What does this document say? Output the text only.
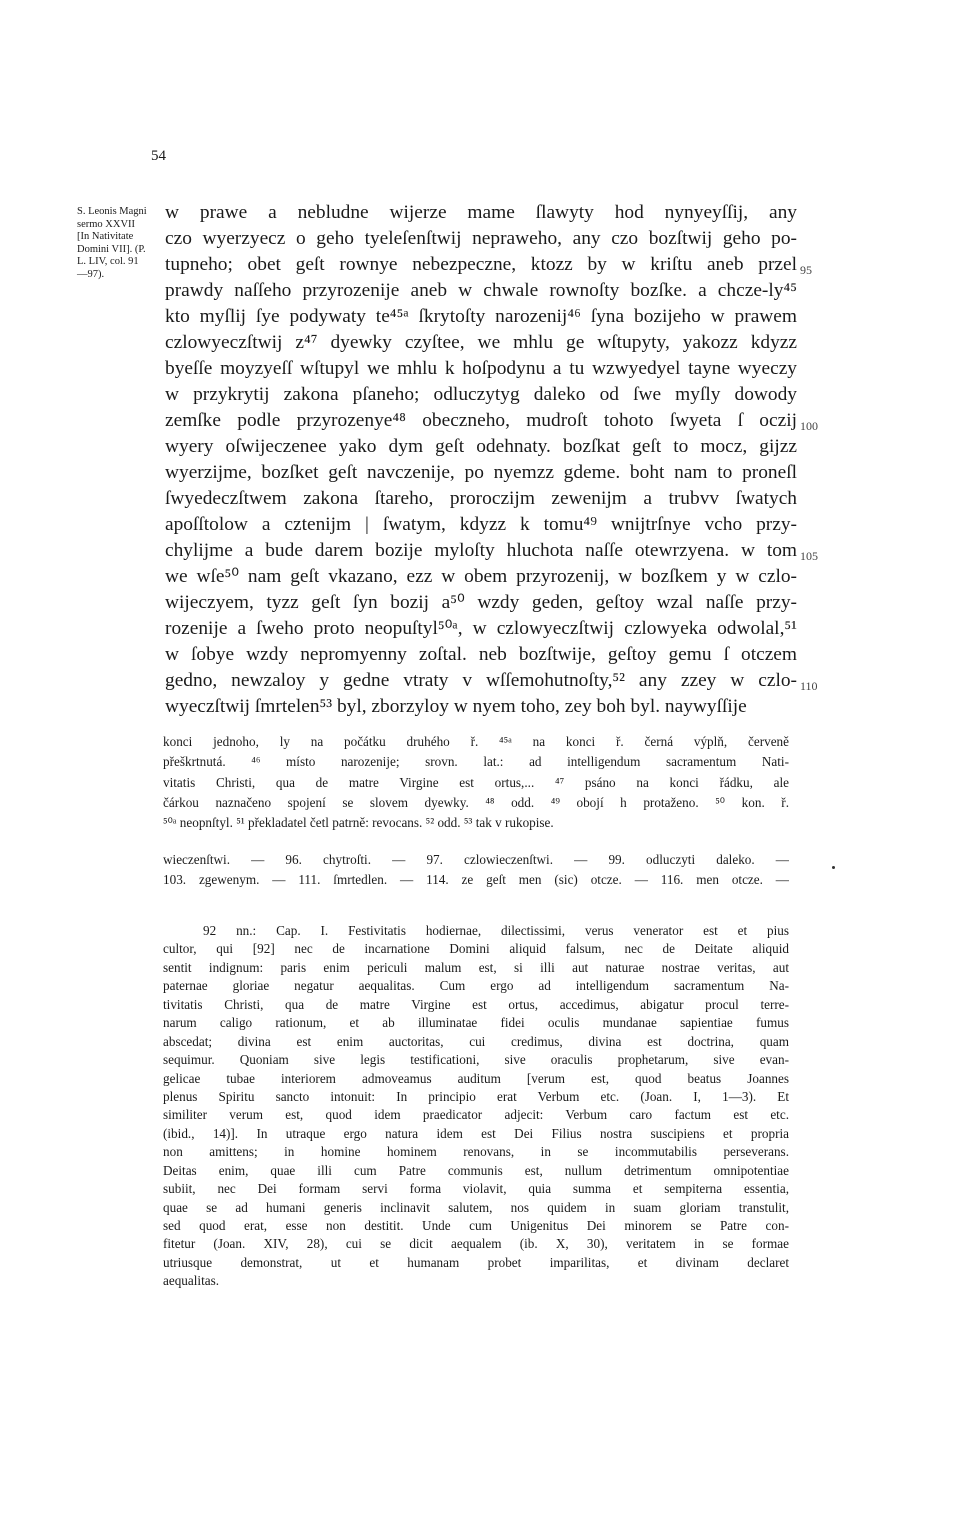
54
S. Leonis Magni
sermo XXVII
[In Nativitate
Domini VII]. (P.
L. LIV, col. 91
—97).
w prawe a nebludne wijerze mame ſlawyty hod nynyeyſſij, any
czo wyerzyecz o geho tyeleſenſtwij nepraweho, any czo bozſtwij geho po-
tupneho; obet geſt rownye nebezpeczne, ktozz by w kriſtu aneb przel
prawdy naſſeho przyrozenije aneb w chwale rownoſty bozſke. a chcze-ly⁴⁵
kto myſlij ſye podywaty te⁴⁵ᵃ ſkrytoſty narozenij⁴⁶ ſyna bozijeho w prawem
czlowyeczſtwij z⁴⁷ dyewky czyſtee, we mhlu ge wſtupyty, yakozz kdyzz
byeſſe moyzyeſſ wſtupyl we mhlu k hoſpodynu a tu wzwyedyel tayne wyeczy
w przykrytij zakona pſaneho; odluczytyg daleko od ſwe myſly dowody
zemſke podle przyrozenye⁴⁸ obeczneho, mudroſt tohoto ſwyeta ſ oczij
wyery oſwijeczenee yako dym geſt odehnaty. bozſkat geſt to mocz, gijzz
wyerzijme, bozſket geſt navczenije, po nyemzz gdeme. boht nam to proneſl
ſwyedeczſtwem zakona ſtareho, proroczijm zewenijm a trubvv ſwatych
apoſſtolow a cztenijm | ſwatym, kdyzz k tomu⁴⁹ wnijtrſnye vcho przy-
chylijme a bude darem bozije myloſty hluchota naſſe otewrzyena. w tom
we wſe⁵⁰ nam geſt vkazano, ezz w obem przyrozenij, w bozſkem y w czlo-
wijeczyem, tyzz geſt ſyn bozij a⁵⁰ wzdy geden, geſtoy wzal naſſe przy-
rozenije a ſweho proto neopuſtyl⁵⁰ᵃ, w czlowyeczſtwij czlowyeka odwolal,⁵¹
w ſobye wzdy nepromyenny zoſtal. neb bozſtwije, geſtoy gemu ſ otczem
gedno, newzaloy y gedne vtraty v wſſemohutnoſty,⁵² any zzey w czlo-
wyeczſtwij ſmrtelen⁵³ byl, zborzyloy w nyem toho, zey boh byl. naywyſſije
95
100
105
110
konci jednoho, ly na počátku druhého ř. ⁴⁵ᵃ na konci ř. černá výplň, červeně
přeškrtnutá. ⁴⁶ místo narozenije; srovn. lat.: ad intelligendum sacramentum Nati-
vitatis Christi, qua de matre Virgine est ortus,... ⁴⁷ psáno na konci řádku, ale
čárkou naznačeno spojení se slovem dyewky. ⁴⁸ odd. ⁴⁹ obojí h protaženo. ⁵⁰ kon. ř.
⁵⁰ᵃ neopnſtyl. ⁵¹ překladatel četl patrně: revocans. ⁵² odd. ⁵³ tak v rukopise.
wieczenſtwi. — 96. chytroſti. — 97. czlowieczenſtwi. — 99. odluczyti daleko. —
103. zgewenym. — 111. ſmrtedlen. — 114. ze geſt men (sic) otcze. — 116. men otcze. —
92 nn.: Cap. I. Festivitatis hodiernae, dilectissimi, verus venerator est et pius
cultor, qui [92] nec de incarnatione Domini aliquid falsum, nec de Deitate aliquid
sentit indignum: paris enim periculi malum est, si illi aut naturae nostrae veritas, aut
paternae gloriae negatur aequalitas. Cum ergo ad intelligendum sacramentum Na-
tivitatis Christi, qua de matre Virgine est ortus, accedimus, abigatur procul terre-
narum caligo rationum, et ab illuminatae fidei oculis mundanae sapientiae fumus
abscedat; divina est enim auctoritas, cui credimus, divina est doctrina, quam
sequimur. Quoniam sive legis testificationi, sive oraculis prophetarum, sive evan-
gelicae tubae interiorem admoveamus auditum [verum est, quod beatus Joannes
plenus Spiritu sancto intonuit: In principio erat Verbum etc. (Joan. I, 1—3). Et
similiter verum est, quod idem praedicator adjecit: Verbum caro factum est etc.
(ibid., 14)]. In utraque ergo natura idem est Dei Filius nostra suscipiens et propria
non amittens; in homine hominem renovans, in se incommutabilis perseverans.
Deitas enim, quae illi cum Patre communis est, nullum detrimentum omnipotentiae
subiit, nec Dei formam servi forma violavit, quia summa et sempiterna essentia,
quae se ad humani generis inclinavit salutem, nos quidem in suam gloriam transtulit,
sed quod erat, esse non destitit. Unde cum Unigenitus Dei minorem se Patre con-
fitetur (Joan. XIV, 28), cui se dicit aequalem (ib. X, 30), veritatem in se formae
utriusque demonstrat, ut et humanam probet imparilitas, et divinam declaret
aequalitas.
